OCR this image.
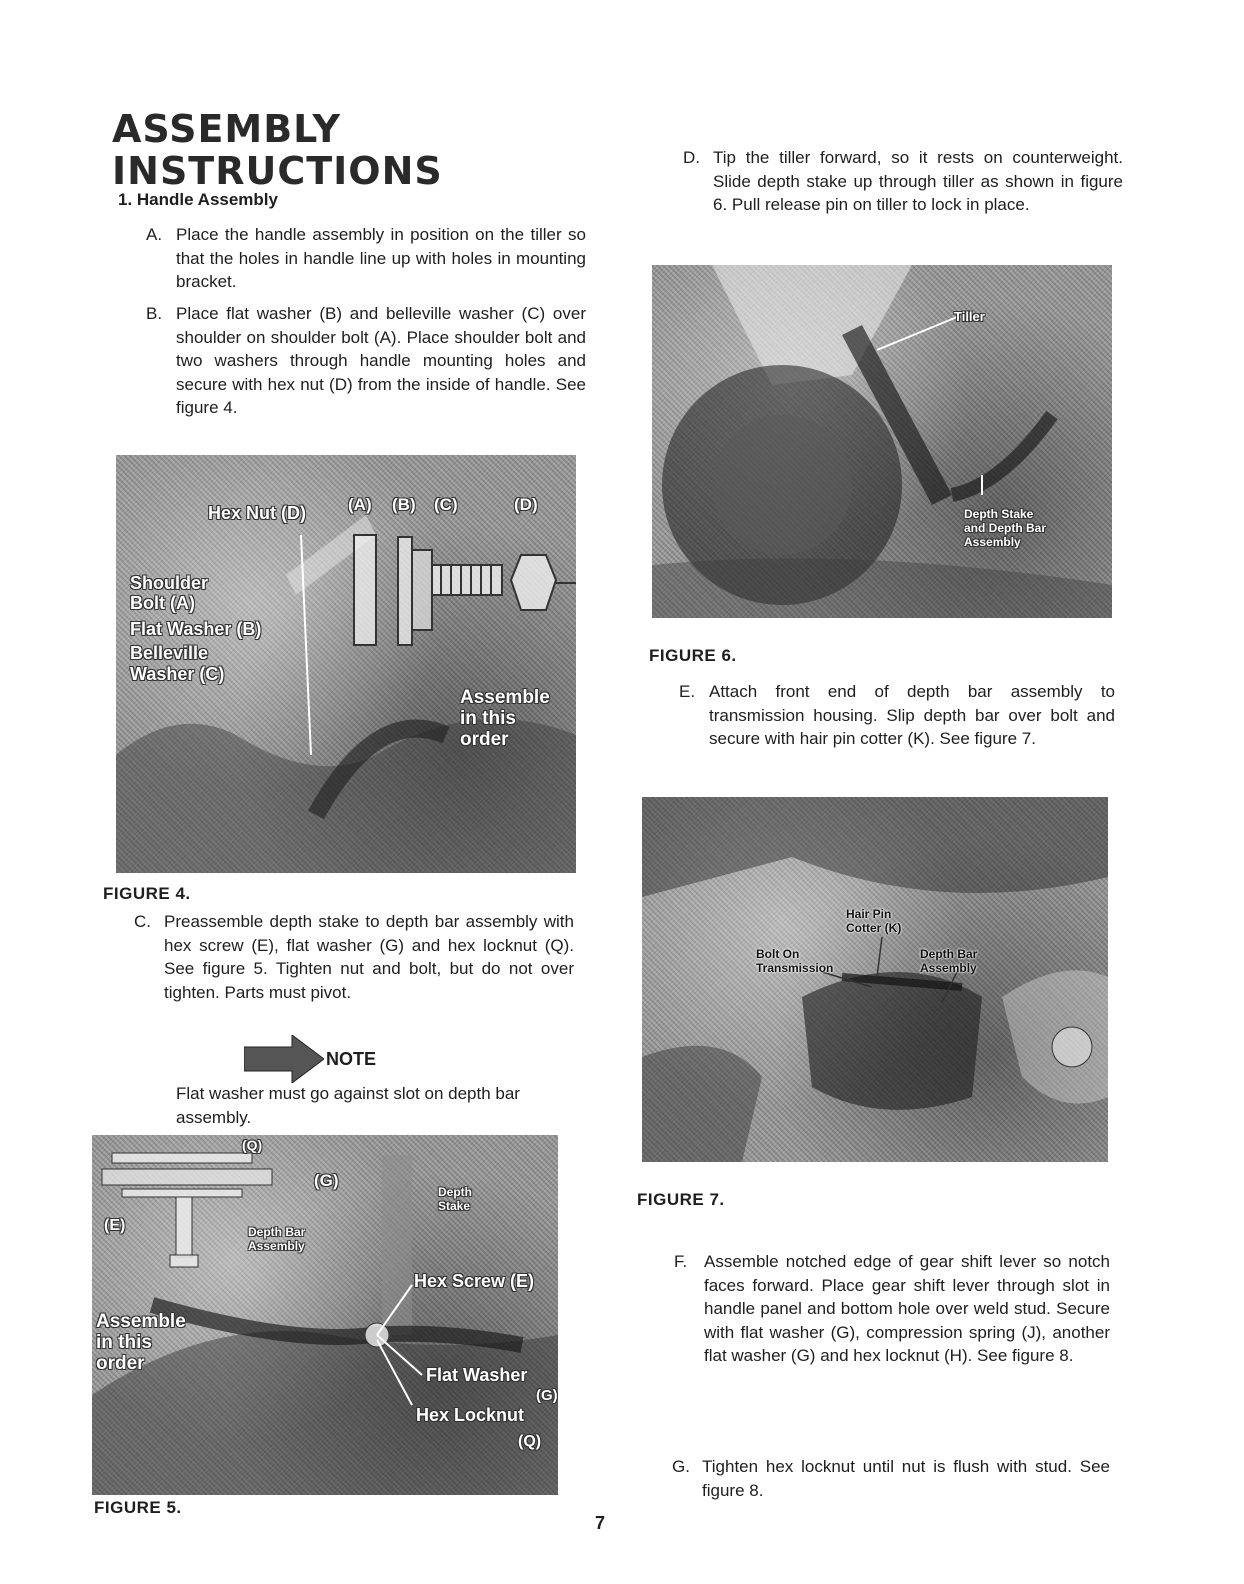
ASSEMBLY
INSTRUCTIONS
1. Handle Assembly
A. Place the handle assembly in position on the tiller so that the holes in handle line up with holes in mounting bracket.
B. Place flat washer (B) and belleville washer (C) over shoulder on shoulder bolt (A). Place shoulder bolt and two washers through handle mounting holes and secure with hex nut (D) from the inside of handle. See figure 4.
Hex Nut (D) (A) (B) (C)	(D)
Shoulder
Bolt (A)
Flat Washer (B)
Belleville
Washer (C)
Assemble
in this
order
FIGURE 4.
C. Preassemble depth stake to depth bar assembly with hex screw (E), flat washer (G) and hex locknut (Q). See figure 5. Tighten nut and bolt, but do not over tighten. Parts must pivot.
NOTE
Flat washer must go against slot on depth bar assembly.
(E)
(G)
(Q)
Depth Bar
Assembly
Depth
Stake
Hex Screw (E)
Flat Washer
(G)
Hex Locknut
(Q)
Assemble
in this
order
FIGURE 5.
D. Tip the tiller forward, so it rests on counterweight. Slide depth stake up through tiller as shown in figure 6. Pull release pin on tiller to lock in place.
Tiller
Depth Stake
and Depth Bar
Assembly
FIGURE 6.
E. Attach front end of depth bar assembly to transmission housing. Slip depth bar over bolt and secure with hair pin cotter (K). See figure 7.
Hair Pin
Cotter (K)
Bolt On
Transmission
Depth Bar
Assembly
FIGURE 7.
F. Assemble notched edge of gear shift lever so notch faces forward. Place gear shift lever through slot in handle panel and bottom hole over weld stud. Secure with flat washer (G), compression spring (J), another flat washer (G) and hex locknut (H). See figure 8.
G. Tighten hex locknut until nut is flush with stud. See figure 8.
7
